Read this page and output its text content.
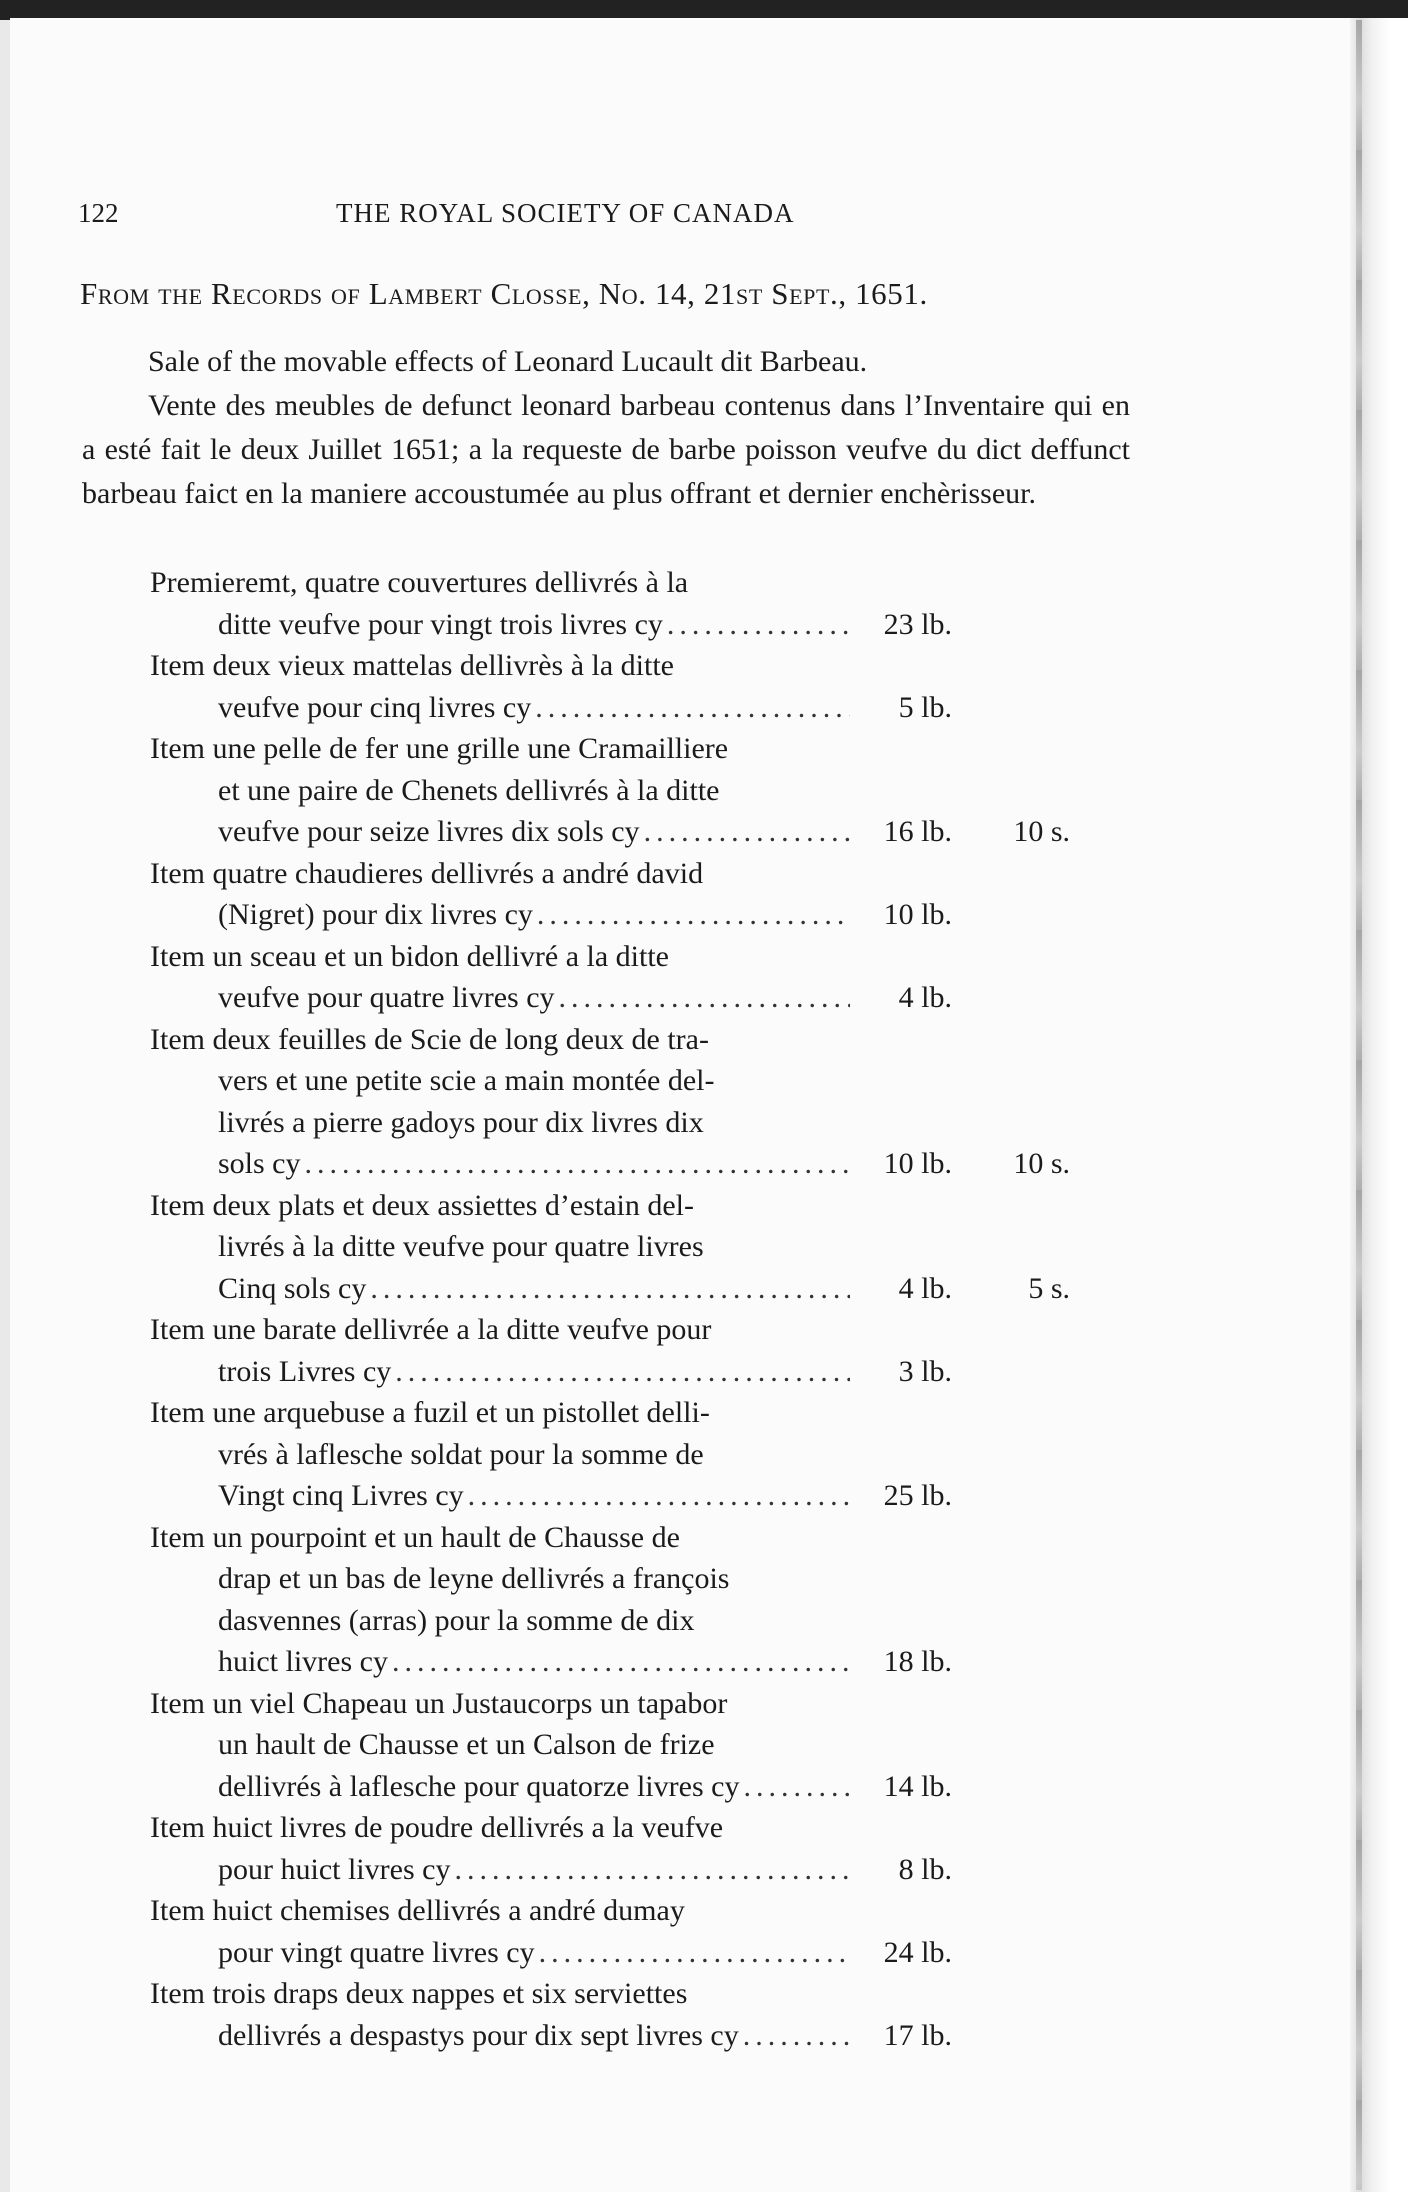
122	THE ROYAL SOCIETY OF CANADA
From the Records of Lambert Closse, No. 14, 21st Sept., 1651.

Sale of the movable effects of Leonard Lucault dit Barbeau.

Vente des meubles de defunct leonard barbeau contenus dans l’Inventaire qui en a esté fait le deux Juillet 1651; a la requeste de barbe poisson veufve du dict deffunct barbeau faict en la maniere accoustumée au plus offrant et dernier enchèrisseur.

Premieremt, quatre couvertures dellivrés à la
ditte veufve pour vingt trois livres cy .....	23 lb.
Item deux vieux mattelas dellivrès à la ditte
veufve pour cinq livres cy .....	5 lb.
Item une pelle de fer une grille une Cramailliere
et une paire de Chenets dellivrés à la ditte
veufve pour seize livres dix sols cy .....	16 lb.	10 s.
Item quatre chaudieres dellivrés a andré david
(Nigret) pour dix livres cy .....	10 lb.
Item un sceau et un bidon dellivré a la ditte
veufve pour quatre livres cy .....	4 lb.
Item deux feuilles de Scie de long deux de tra-
vers et une petite scie a main montée del-
livrés a pierre gadoys pour dix livres dix
sols cy .....	10 lb.	10 s.
Item deux plats et deux assiettes d’estain del-
livrés à la ditte veufve pour quatre livres
Cinq sols cy .....	4 lb.	5 s.
Item une barate dellivrée a la ditte veufve pour
trois Livres cy .....	3 lb.
Item une arquebuse a fuzil et un pistollet delli-
vrés à laflesche soldat pour la somme de
Vingt cinq Livres cy .....	25 lb.
Item un pourpoint et un hault de Chausse de
drap et un bas de leyne dellivrés a françois
dasvennes (arras) pour la somme de dix
huict livres cy .....	18 lb.
Item un viel Chapeau un Justaucorps un tapabor
un hault de Chausse et un Calson de frize
dellivrés à laflesche pour quatorze livres cy .....	14 lb.
Item huict livres de poudre dellivrés a la veufve
pour huict livres cy .....	8 lb.
Item huict chemises dellivrés a andré dumay
pour vingt quatre livres cy .....	24 lb.
Item trois draps deux nappes et six serviettes
dellivrés a despastys pour dix sept livres cy .....	17 lb.
